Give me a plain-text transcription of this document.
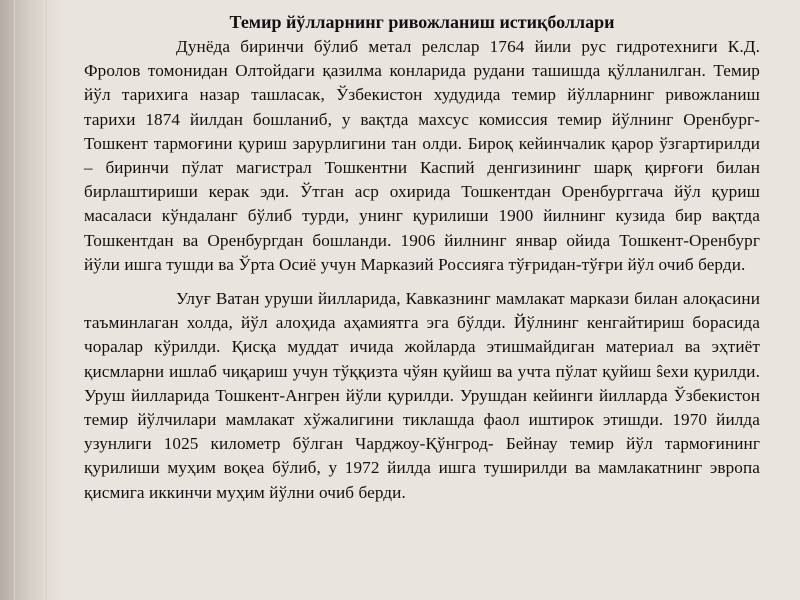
Темир йўлларнинг ривожланиш истиқболлари

Дунёда биринчи бўлиб метал релслар 1764 йили рус гидротехниги К.Д. Фролов томонидан Олтойдаги қазилма конларида рудани ташишда қўлланилган. Темир йўл тарихига назар ташласак, Ўзбекистон худудида темир йўлларнинг ривожланиш тарихи 1874 йилдан бошланиб, у вақтда махсус комиссия темир йўлнинг Оренбург-Тошкент тармоғини қуриш зарурлигини тан олди. Бироқ кейинчалик қарор ўзгартирилди – биринчи пўлат магистрал Тошкентни Каспий денгизининг шарқ қирғоғи билан бирлаштириши керак эди. Ўтган аср охирида Тошкентдан Оренбурггача йўл қуриш масаласи кўндаланг бўлиб турди, унинг қурилиши 1900 йилнинг кузида бир вақтда Тошкентдан ва Оренбургдан бошланди. 1906 йилнинг январ ойида Тошкент-Оренбург йўли ишга тушди ва Ўрта Осиё учун Марказий Россияга тўғридан-тўғри йўл очиб берди.

Улуғ Ватан уруши йилларида, Кавказнинг мамлакат маркази билан алоқасини таъминлаган холда, йўл алоҳида аҳамиятга эга бўлди. Йўлнинг кенгайтириш борасида чоралар кўрилди. Қисқа муддат ичида жойларда этишмайдиган материал ва эҳтиёт қисмларни ишлаб чиқариш учун тўққизта чўян қуйиш ва учта пўлат қуйиш ŝехи қурилди. Уруш йилларида Тошкент-Ангрен йўли қурилди. Урушдан кейинги йилларда Ўзбекистон темир йўлчилари мамлакат хўжалигини тиклашда фаол иштирок этишди. 1970 йилда узунлиги 1025 километр бўлган Чарджоу-Қўнгрод- Бейнау темир йўл тармоғининг қурилиши муҳим воқеа бўлиб, у 1972 йилда ишга туширилди ва мамлакатнинг эвропа қисмига иккинчи муҳим йўлни очиб берди.
